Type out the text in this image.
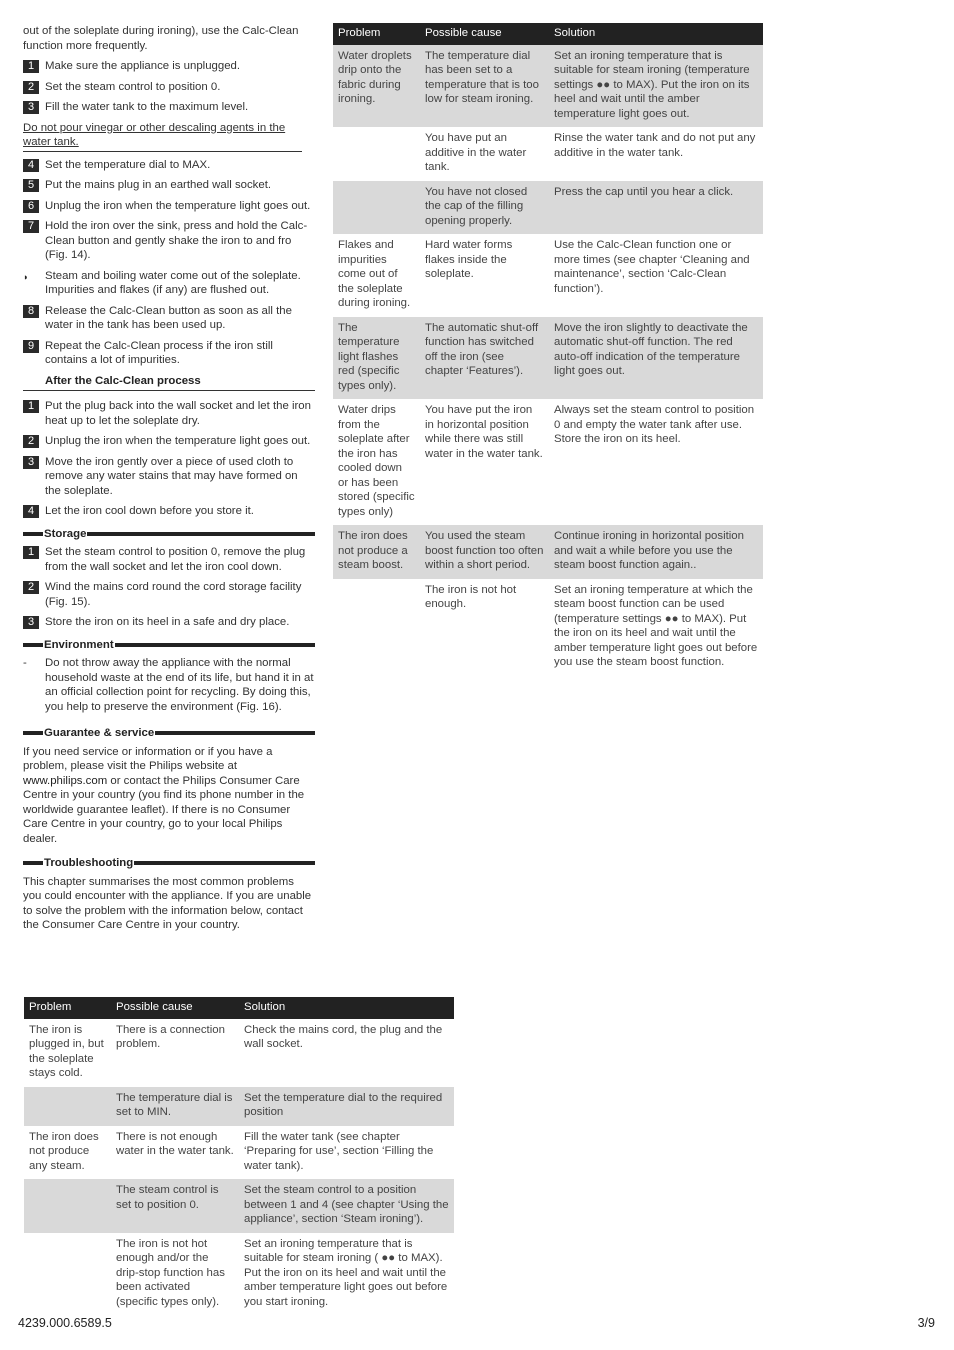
out of the soleplate during ironing), use the Calc-Clean function more frequently.

1 Make sure the appliance is unplugged.
2 Set the steam control to position 0.
3 Fill the water tank to the maximum level.

Do not pour vinegar or other descaling agents in the water tank.

4 Set the temperature dial to MAX.
5 Put the mains plug in an earthed wall socket.
6 Unplug the iron when the temperature light goes out.
7 Hold the iron over the sink, press and hold the Calc-Clean button and gently shake the iron to and fro (Fig. 14).
◗ Steam and boiling water come out of the soleplate. Impurities and flakes (if any) are flushed out.
8 Release the Calc-Clean button as soon as all the water in the tank has been used up.
9 Repeat the Calc-Clean process if the iron still contains a lot of impurities.

After the Calc-Clean process

1 Put the plug back into the wall socket and let the iron heat up to let the soleplate dry.
2 Unplug the iron when the temperature light goes out.
3 Move the iron gently over a piece of used cloth to remove any water stains that may have formed on the soleplate.
4 Let the iron cool down before you store it.
Storage
1 Set the steam control to position 0, remove the plug from the wall socket and let the iron cool down.
2 Wind the mains cord round the cord storage facility (Fig. 15).
3 Store the iron on its heel in a safe and dry place.
Environment
- Do not throw away the appliance with the normal household waste at the end of its life, but hand it in at an official collection point for recycling. By doing this, you help to preserve the environment (Fig. 16).
Guarantee & service

If you need service or information or if you have a problem, please visit the Philips website at www.philips.com or contact the Philips Consumer Care Centre in your country (you find its phone number in the worldwide guarantee leaflet). If there is no Consumer Care Centre in your country, go to your local Philips dealer.

Troubleshooting

This chapter summarises the most common problems you could encounter with the appliance. If you are unable to solve the problem with the information below, contact the Consumer Care Centre in your country.

Problem	Possible cause	Solution
The iron is plugged in, but the soleplate stays cold.	There is a connection problem.	Check the mains cord, the plug and the wall socket.
	The temperature dial is set to MIN.	Set the temperature dial to the required position
The iron does not produce any steam.	There is not enough water in the water tank.	Fill the water tank (see chapter ‘Preparing for use’, section ‘Filling the water tank).
	The steam control is set to position 0.	Set the steam control to a position between 1 and 4 (see chapter ‘Using the appliance’, section ‘Steam ironing’).
	The iron is not hot enough and/or the drip-stop function has been activated (specific types only).	Set an ironing temperature that is suitable for steam ironing ( ●● to MAX). Put the iron on its heel and wait until the amber temperature light goes out before you start ironing.
Problem	Possible cause	Solution
Water droplets drip onto the fabric during ironing.	The temperature dial has been set to a temperature that is too low for steam ironing.	Set an ironing temperature that is suitable for steam ironing (temperature settings ●● to MAX). Put the iron on its heel and wait until the amber temperature light goes out.
	You have put an additive in the water tank.	Rinse the water tank and do not put any additive in the water tank.
	You have not closed the cap of the filling opening properly.	Press the cap until you hear a click.
Flakes and impurities come out of the soleplate during ironing.	Hard water forms flakes inside the soleplate.	Use the Calc-Clean function one or more times (see chapter ‘Cleaning and maintenance’, section ‘Calc-Clean function’).
The temperature light flashes red (specific types only).	The automatic shut-off function has switched off the iron (see chapter ‘Features’).	Move the iron slightly to deactivate the automatic shut-off function. The red auto-off indication of the temperature light goes out.
Water drips from the soleplate after the iron has cooled down or has been stored (specific types only)	You have put the iron in horizontal position while there was still water in the water tank.	Always set the steam control to position 0 and empty the water tank after use. Store the iron on its heel.
The iron does not produce a steam boost.	You used the steam boost function too often within a short period.	Continue ironing in horizontal position and wait a while before you use the steam boost function again..
	The iron is not hot enough.	Set an ironing temperature at which the steam boost function can be used (temperature settings ●● to MAX). Put the iron on its heel and wait until the amber temperature light goes out before you use the steam boost function.
4239.000.6589.5	3/9
